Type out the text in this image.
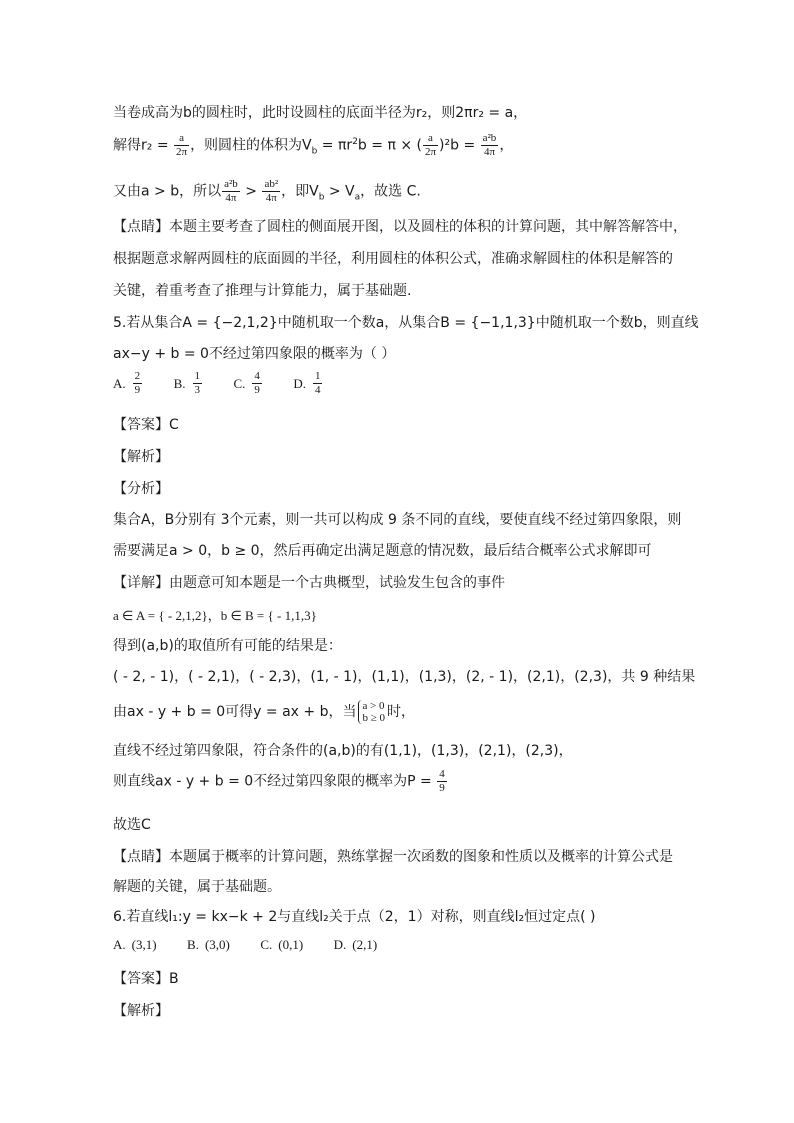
当卷成高为b的圆柱时，此时设圆柱的底面半径为r₂，则2πr₂ = a，
解得$r_2 = \frac{a}{2\pi}$ ，则圆柱的体积为$V_b = \pi r^2b = \pi$ × ( $\frac{a}{2\pi} )^2b = \frac{\text{a²b}}{4\pi}$ ，
又由a > b，所以 $\frac{\text{a²b}}{4\pi} > \frac{\text{ab²}}{4\pi}$ ，即$V_b > V_a$，故选 C.
【点睛】本题主要考查了圆柱的侧面展开图，以及圆柱的体积的计算问题，其中解答解答中，
根据题意求解两圆柱的底面圆的半径，利用圆柱的体积公式，准确求解圆柱的体积是解答的
关键，着重考查了推理与计算能力，属于基础题.
5.若从集合A = {−2,1,2}中随机取一个数a，从集合B = {−1,1,3}中随机取一个数b，则直线
ax−y + b = 0不经过第四象限的概率为（ ）
A. $\frac{2}{9} B$. $\frac{1}{3} C$. $\frac{4}{9} D$. $\frac{1}{4}$
【答案】C
【解析】
【分析】
集合A，B分别有 3个元素，则一共可以构成 9 条不同的直线，要使直线不经过第四象限，则
需要满足a > 0，b ≥ 0，然后再确定出满足题意的情况数，最后结合概率公式求解即可
【详解】由题意可知本题是一个古典概型，试验发生包含的事件
a ∈ A = { - 2,1,2}，b ∈ B = { - 1,1,3}
得到(a,b)的取值所有可能的结果是：
( - 2, - 1)，( - 2,1)，( - 2,3)，(1, - 1)，(1,1)，(1,3)，(2, - 1)，(2,1)，(2,3)，共 9 种结果
由ax - y + b = 0可得y = ax + b，当 a > 0
b ≥ 0 时，
直线不经过第四象限，符合条件的(a,b)的有(1,1)，(1,3)，(2,1)，(2,3)，
则直线ax - y + b = 0不经过第四象限的概率为$P = \frac{4}{9}$
故选C
【点睛】本题属于概率的计算问题，熟练掌握一次函数的图象和性质以及概率的计算公式是
解题的关键，属于基础题。
6.若直线l₁:y = kx−k + 2与直线l₂关于点（2，1）对称，则直线l₂恒过定点( )
A. (3,1) B. (3,0) C. (0,1) D. (2,1)
【答案】B
【解析】
